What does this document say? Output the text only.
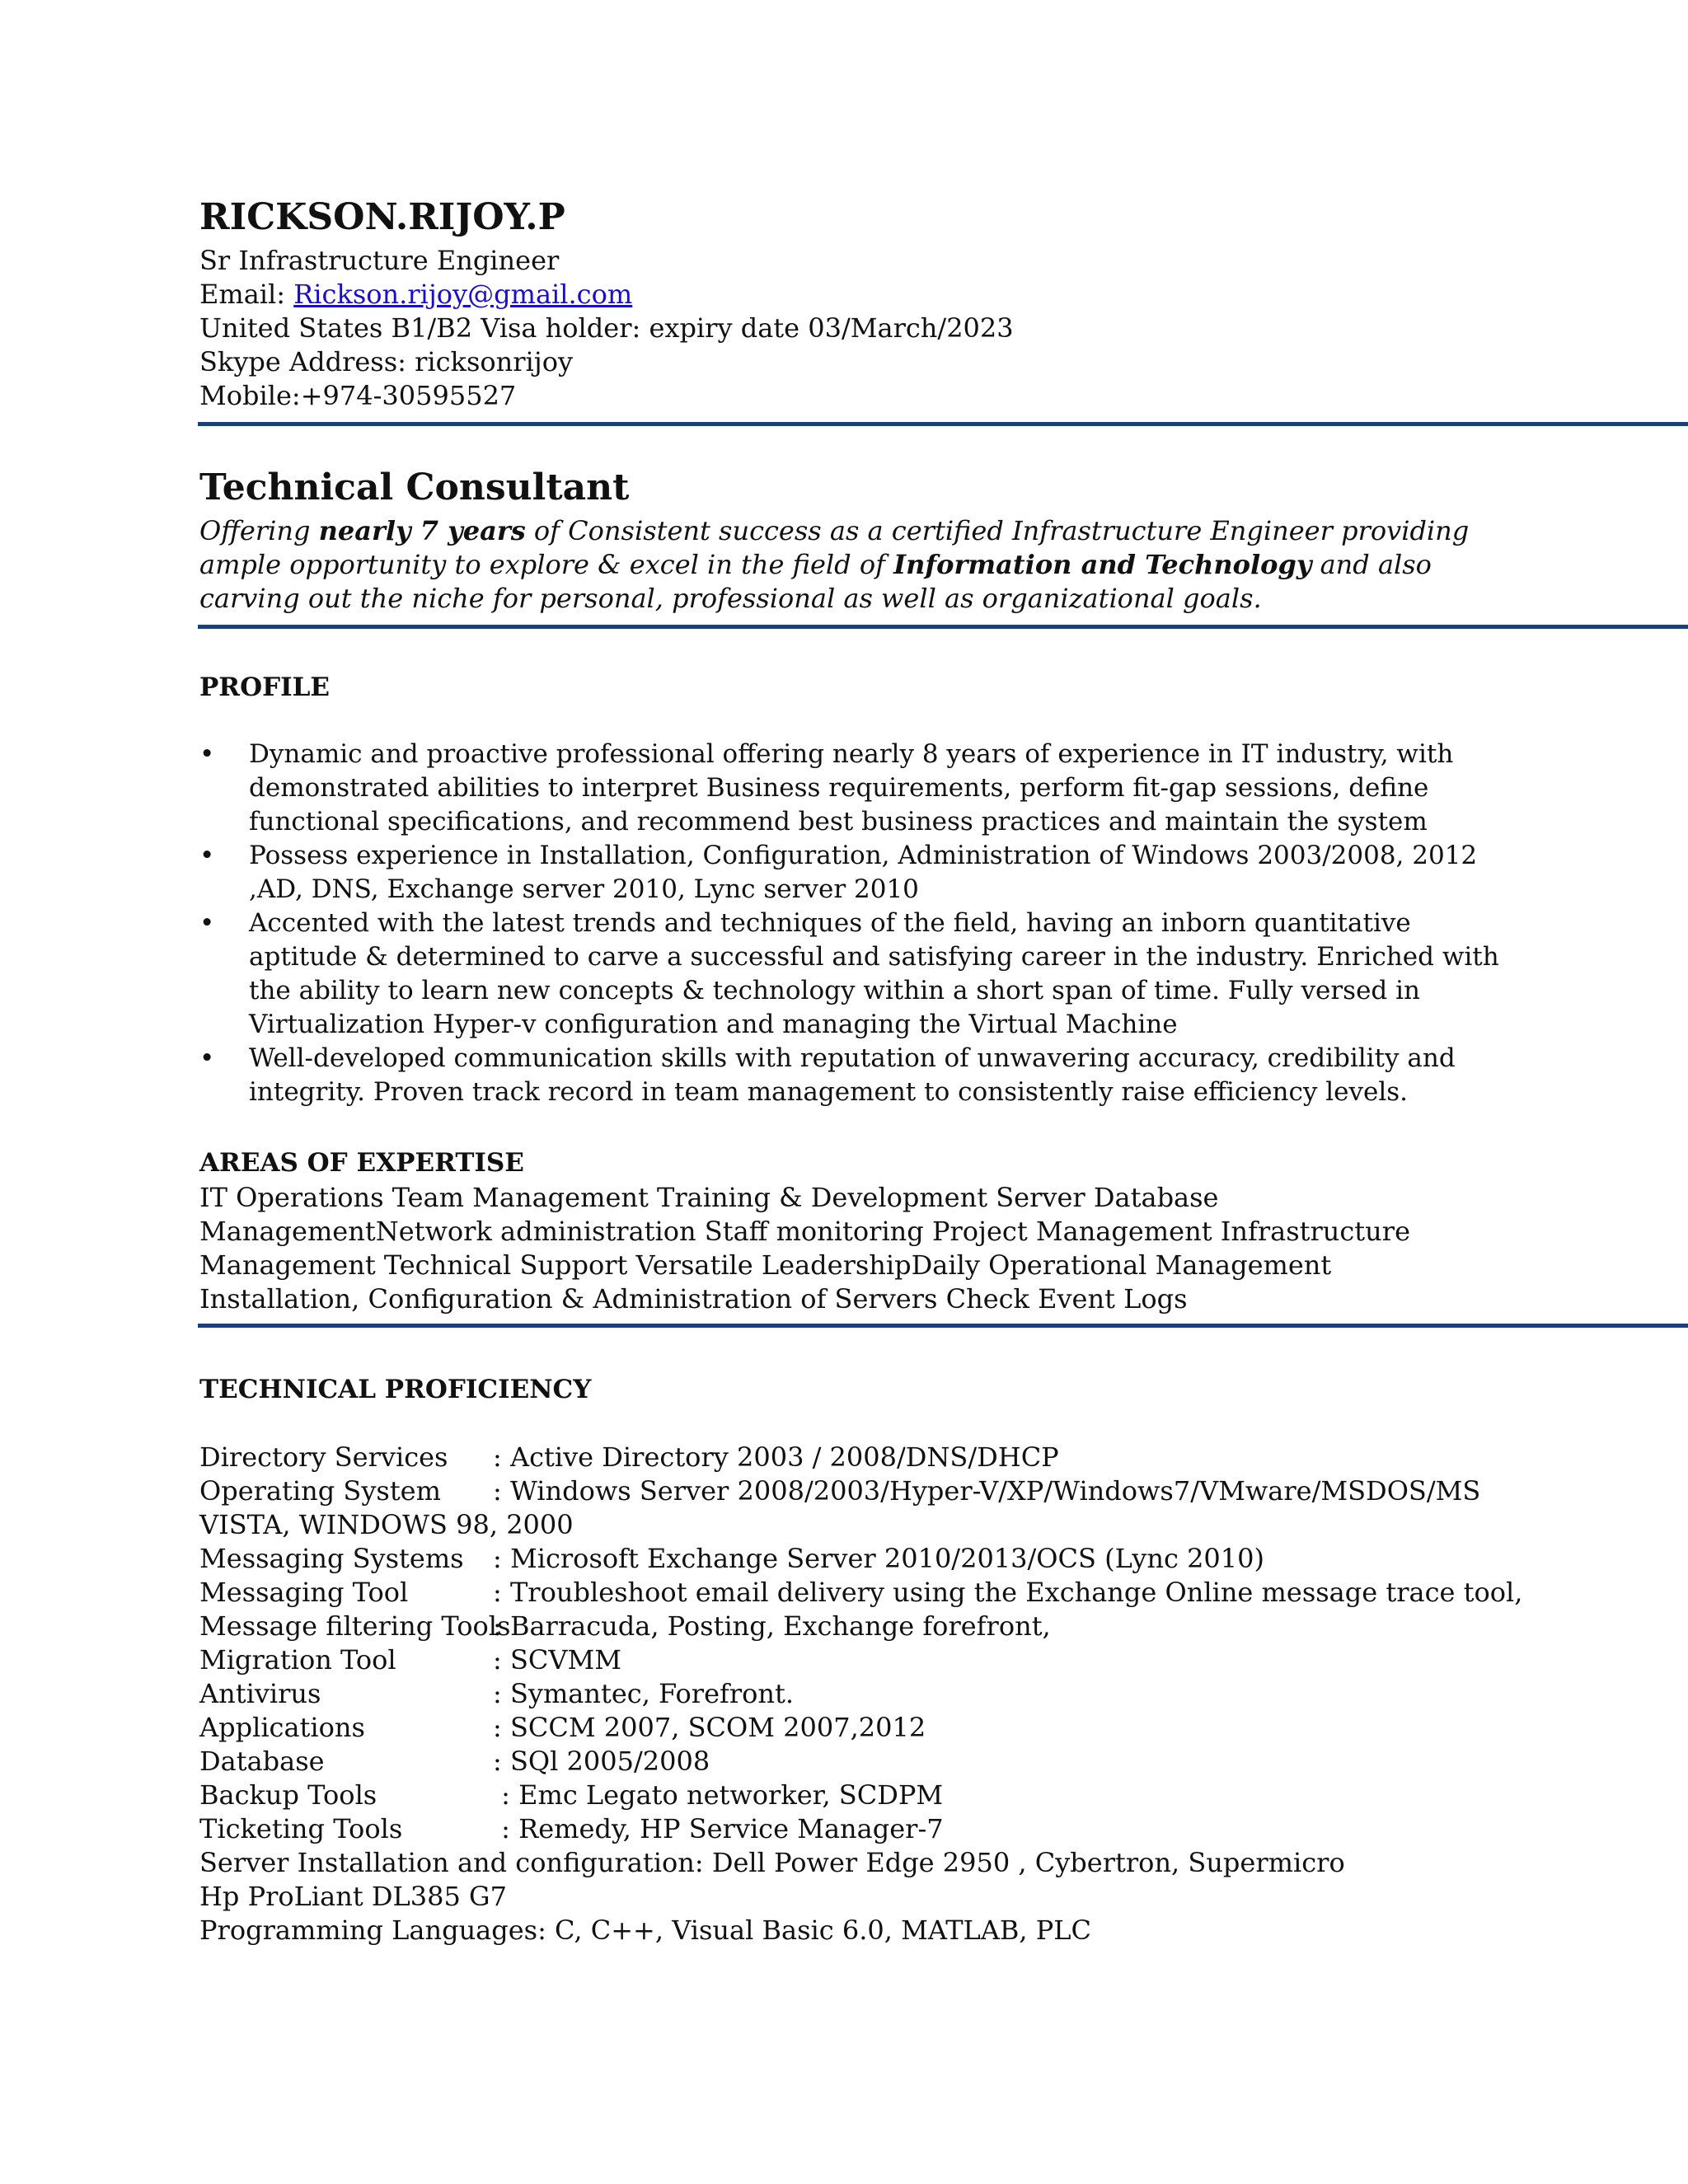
RICKSON.RIJOY.P
Sr Infrastructure Engineer
Email: Rickson.rijoy@gmail.com
United States B1/B2 Visa holder: expiry date 03/March/2023
Skype Address: ricksonrijoy
Mobile:+974-30595527
Technical Consultant
Offering nearly 7 years of Consistent success as a certified Infrastructure Engineer providing ample opportunity to explore & excel in the field of Information and Technology and also carving out the niche for personal, professional as well as organizational goals.
PROFILE
• Dynamic and proactive professional offering nearly 8 years of experience in IT industry, with demonstrated abilities to interpret Business requirements, perform fit-gap sessions, define functional specifications, and recommend best business practices and maintain the system
• Possess experience in Installation, Configuration, Administration of Windows 2003/2008, 2012 ,AD, DNS, Exchange server 2010, Lync server 2010
• Accented with the latest trends and techniques of the field, having an inborn quantitative aptitude & determined to carve a successful and satisfying career in the industry. Enriched with the ability to learn new concepts & technology within a short span of time. Fully versed in Virtualization Hyper-v configuration and managing the Virtual Machine
• Well-developed communication skills with reputation of unwavering accuracy, credibility and integrity. Proven track record in team management to consistently raise efficiency levels.
AREAS OF EXPERTISE
IT Operations Team Management Training & Development Server Database ManagementNetwork administration Staff monitoring Project Management Infrastructure Management Technical Support Versatile LeadershipDaily Operational Management Installation, Configuration & Administration of Servers Check Event Logs
TECHNICAL PROFICIENCY
Directory Services : Active Directory 2003 / 2008/DNS/DHCP
Operating System : Windows Server 2008/2003/Hyper-V/XP/Windows7/VMware/MSDOS/MS
VISTA, WINDOWS 98, 2000
Messaging Systems : Microsoft Exchange Server 2010/2013/OCS (Lync 2010)
Messaging Tool	: Troubleshoot email delivery using the Exchange Online message trace tool,
Message filtering Tools: Barracuda, Posting, Exchange forefront,
Migration Tool	: SCVMM
Antivirus	: Symantec, Forefront.
Applications	: SCCM 2007, SCOM 2007,2012
Database	: SQl 2005/2008
Backup Tools	: Emc Legato networker, SCDPM
Ticketing Tools	: Remedy, HP Service Manager-7
Server Installation and configuration: Dell Power Edge 2950 , Cybertron, Supermicro
Hp ProLiant DL385 G7
Programming Languages: C, C++, Visual Basic 6.0, MATLAB, PLC
